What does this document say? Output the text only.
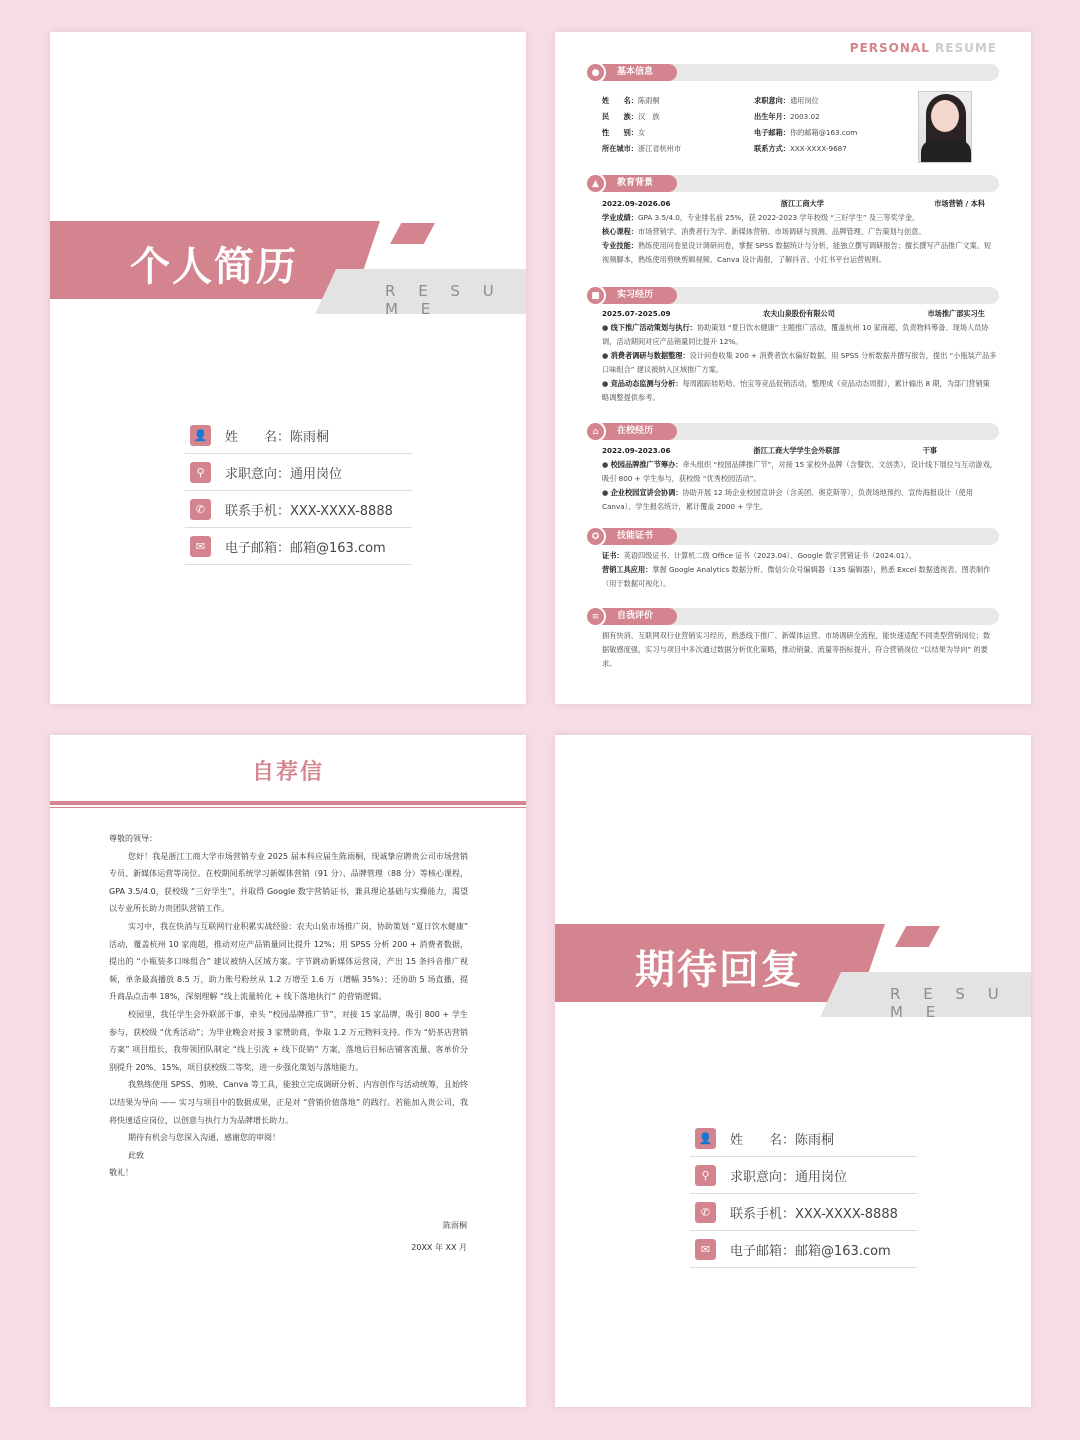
个人简历
R E S U M E
👤 姓　　名：陈雨桐
⚲	求职意向：通用岗位
✆	联系手机：XXX-XXXX-8888
✉	电子邮箱：邮箱@163.com
PERSONAL RESUME
基本信息
●
姓　　名：陈雨桐	求职意向：通用岗位
民　　族：汉　族	出生年月：2003.02
性　　别：女	电子邮箱：你的邮箱@163.com
所在城市：浙江省杭州市	联系方式：XXX-XXXX-9687
教育背景
▲
2022.09-2026.06	浙江工商大学	市场营销 / 本科
学业成绩：GPA 3.5/4.0，专业排名前 25%，获 2022-2023 学年校级 “三好学生” 及三等奖学金。
核心课程：市场营销学、消费者行为学、新媒体营销、市场调研与预测、品牌管理、广告策划与创意。
专业技能：熟练使用问卷星设计调研问卷，掌握 SPSS 数据统计与分析，能独立撰写调研报告；擅长撰写产品推广文案、短视频脚本，熟练使用剪映剪辑视频、Canva 设计海报，了解抖音、小红书平台运营规则。
实习经历
■
2025.07-2025.09	农夫山泉股份有限公司	市场推广部实习生
● 线下推广活动策划与执行：协助策划 “夏日饮水健康” 主题推广活动，覆盖杭州 10 家商超，负责物料筹备、现场人员协调，活动期间对应产品销量同比提升 12%。
● 消费者调研与数据整理：设计问卷收集 200 + 消费者饮水偏好数据，用 SPSS 分析数据并撰写报告，提出 “小瓶装产品多口味组合” 建议被纳入区域推广方案。
● 竞品动态监测与分析：每周跟踪娃哈哈、怡宝等竞品促销活动，整理成《竞品动态周报》，累计输出 8 期，为部门营销策略调整提供参考。
在校经历
⌂
2022.09-2023.06	浙江工商大学学生会外联部	干事
● 校园品牌推广节筹办：牵头组织 “校园品牌推广节”，对接 15 家校外品牌（含餐饮、文创类），设计线下展位与互动游戏，吸引 800 + 学生参与，获校级 “优秀校园活动”。
● 企业校园宣讲会协调：协助开展 12 场企业校园宣讲会（含美团、奥克斯等），负责场地预约、宣传海报设计（使用 Canva）、学生报名统计，累计覆盖 2000 + 学生。
技能证书
✪
证书：英语四级证书、计算机二级 Office 证书（2023.04）、Google 数字营销证书（2024.01）。
营销工具应用：掌握 Google Analytics 数据分析、微信公众号编辑器（135 编辑器），熟悉 Excel 数据透视表、图表制作（用于数据可视化）。
自我评价
≡
拥有快消、互联网双行业营销实习经历，熟悉线下推广、新媒体运营、市场调研全流程，能快速适配不同类型营销岗位；数据敏感度强，实习与项目中多次通过数据分析优化策略，推动销量、流量等指标提升，符合营销岗位 “以结果为导向” 的要求。
自荐信

尊敬的领导：

您好！我是浙江工商大学市场营销专业 2025 届本科应届生陈雨桐，现诚挚应聘贵公司市场营销专员、新媒体运营等岗位。在校期间系统学习新媒体营销（91 分）、品牌管理（88 分）等核心课程，GPA 3.5/4.0，获校级 “三好学生”，并取得 Google 数字营销证书，兼具理论基础与实操能力，渴望以专业所长助力贵团队营销工作。

实习中，我在快消与互联网行业积累实战经验：农夫山泉市场推广岗，协助策划 “夏日饮水健康” 活动，覆盖杭州 10 家商超，推动对应产品销量同比提升 12%；用 SPSS 分析 200 + 消费者数据，提出的 “小瓶装多口味组合” 建议被纳入区域方案。字节跳动新媒体运营岗，产出 15 条抖音推广视频，单条最高播放 8.5 万，助力账号粉丝从 1.2 万增至 1.6 万（增幅 35%）；还协助 5 场直播，提升商品点击率 18%，深刻理解 “线上流量转化 + 线下落地执行” 的营销逻辑。

校园里，我任学生会外联部干事，牵头 “校园品牌推广节”，对接 15 家品牌，吸引 800 + 学生参与，获校级 “优秀活动”；为毕业晚会对接 3 家赞助商，争取 1.2 万元物料支持。作为 “奶茶店营销方案” 项目组长，我带领团队制定 “线上引流 + 线下促销” 方案，落地后目标店铺客流量、客单价分别提升 20%、15%，项目获校级二等奖，进一步强化策划与落地能力。

我熟练使用 SPSS、剪映、Canva 等工具，能独立完成调研分析、内容创作与活动统筹，且始终以结果为导向 —— 实习与项目中的数据成果，正是对 “营销价值落地” 的践行。若能加入贵公司，我将快速适应岗位，以创意与执行力为品牌增长助力。

期待有机会与您深入沟通，感谢您的审阅！

此致

敬礼！

陈雨桐
20XX 年 XX 月
期待回复
R E S U M E
👤 姓　　名：陈雨桐
⚲	求职意向：通用岗位
✆	联系手机：XXX-XXXX-8888
✉	电子邮箱：邮箱@163.com
